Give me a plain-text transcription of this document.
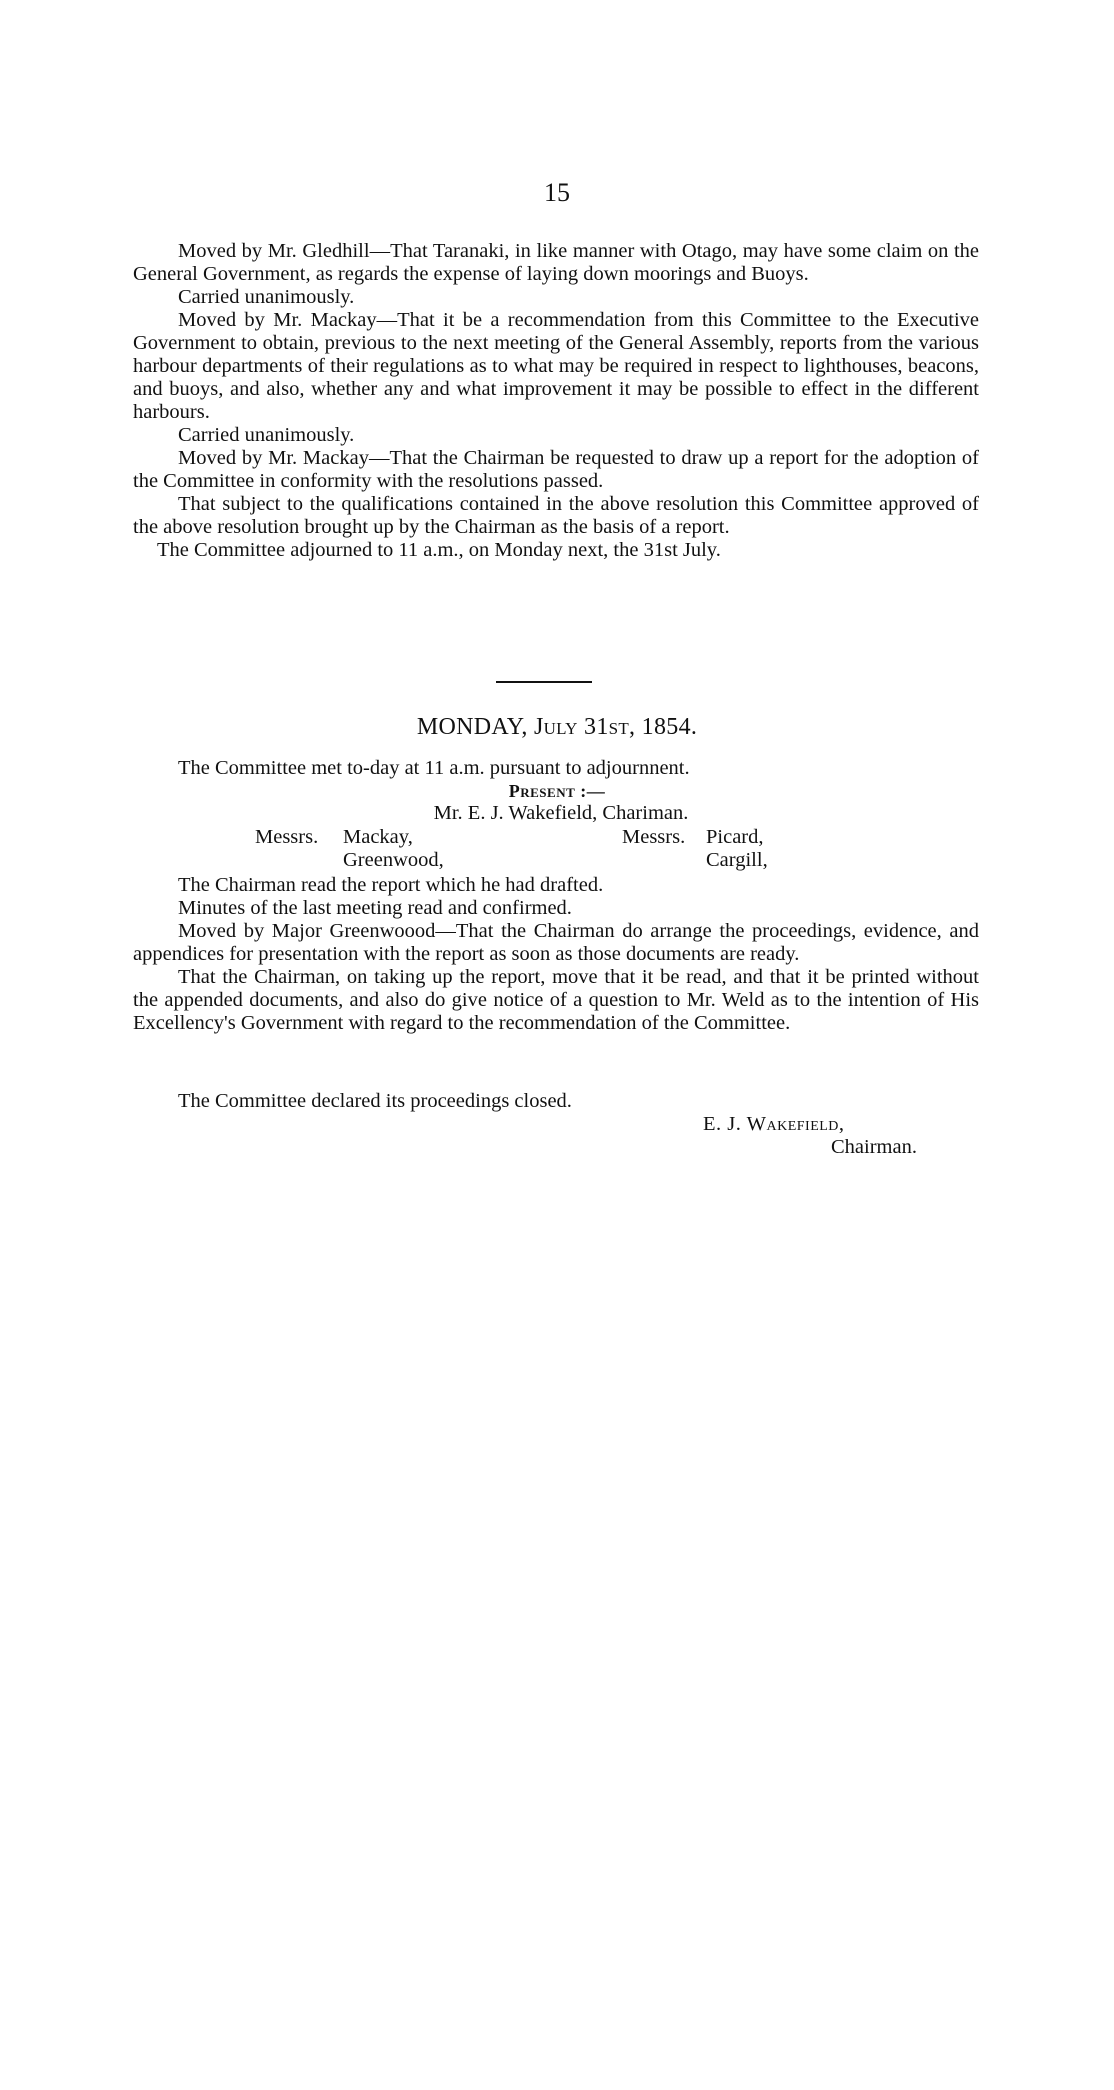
15

Moved by Mr. Gledhill—That Taranaki, in like manner with Otago, may have some claim on the General Government, as regards the expense of laying down moorings and Buoys.

Carried unanimously.

Moved by Mr. Mackay—That it be a recommendation from this Committee to the Executive Government to obtain, previous to the next meeting of the General Assembly, reports from the various harbour departments of their regulations as to what may be required in respect to lighthouses, beacons, and buoys, and also, whether any and what improvement it may be possible to effect in the different harbours.

Carried unanimously.

Moved by Mr. Mackay—That the Chairman be requested to draw up a report for the adoption of the Committee in conformity with the resolutions passed.

That subject to the qualifications contained in the above resolution this Committee approved of the above resolution brought up by the Chairman as the basis of a report.

The Committee adjourned to 11 a.m., on Monday next, the 31st July.

MONDAY, July 31st, 1854.
The Committee met to-day at 11 a.m. pursuant to adjournnent.
Present :—
Mr. E. J. Wakefield, Chariman.
Messrs. Mackay,
Greenwood,
Messrs. Picard,
Cargill,
The Chairman read the report which he had drafted.
Minutes of the last meeting read and confirmed.

Moved by Major Greenwoood—That the Chairman do arrange the proceedings, evidence, and appendices for presentation with the report as soon as those documents are ready.

That the Chairman, on taking up the report, move that it be read, and that it be printed without the appended documents, and also do give notice of a question to Mr. Weld as to the intention of His Excellency's Government with regard to the recommendation of the Committee.

The Committee declared its proceedings closed.
E. J. Wakefield,
Chairman.
